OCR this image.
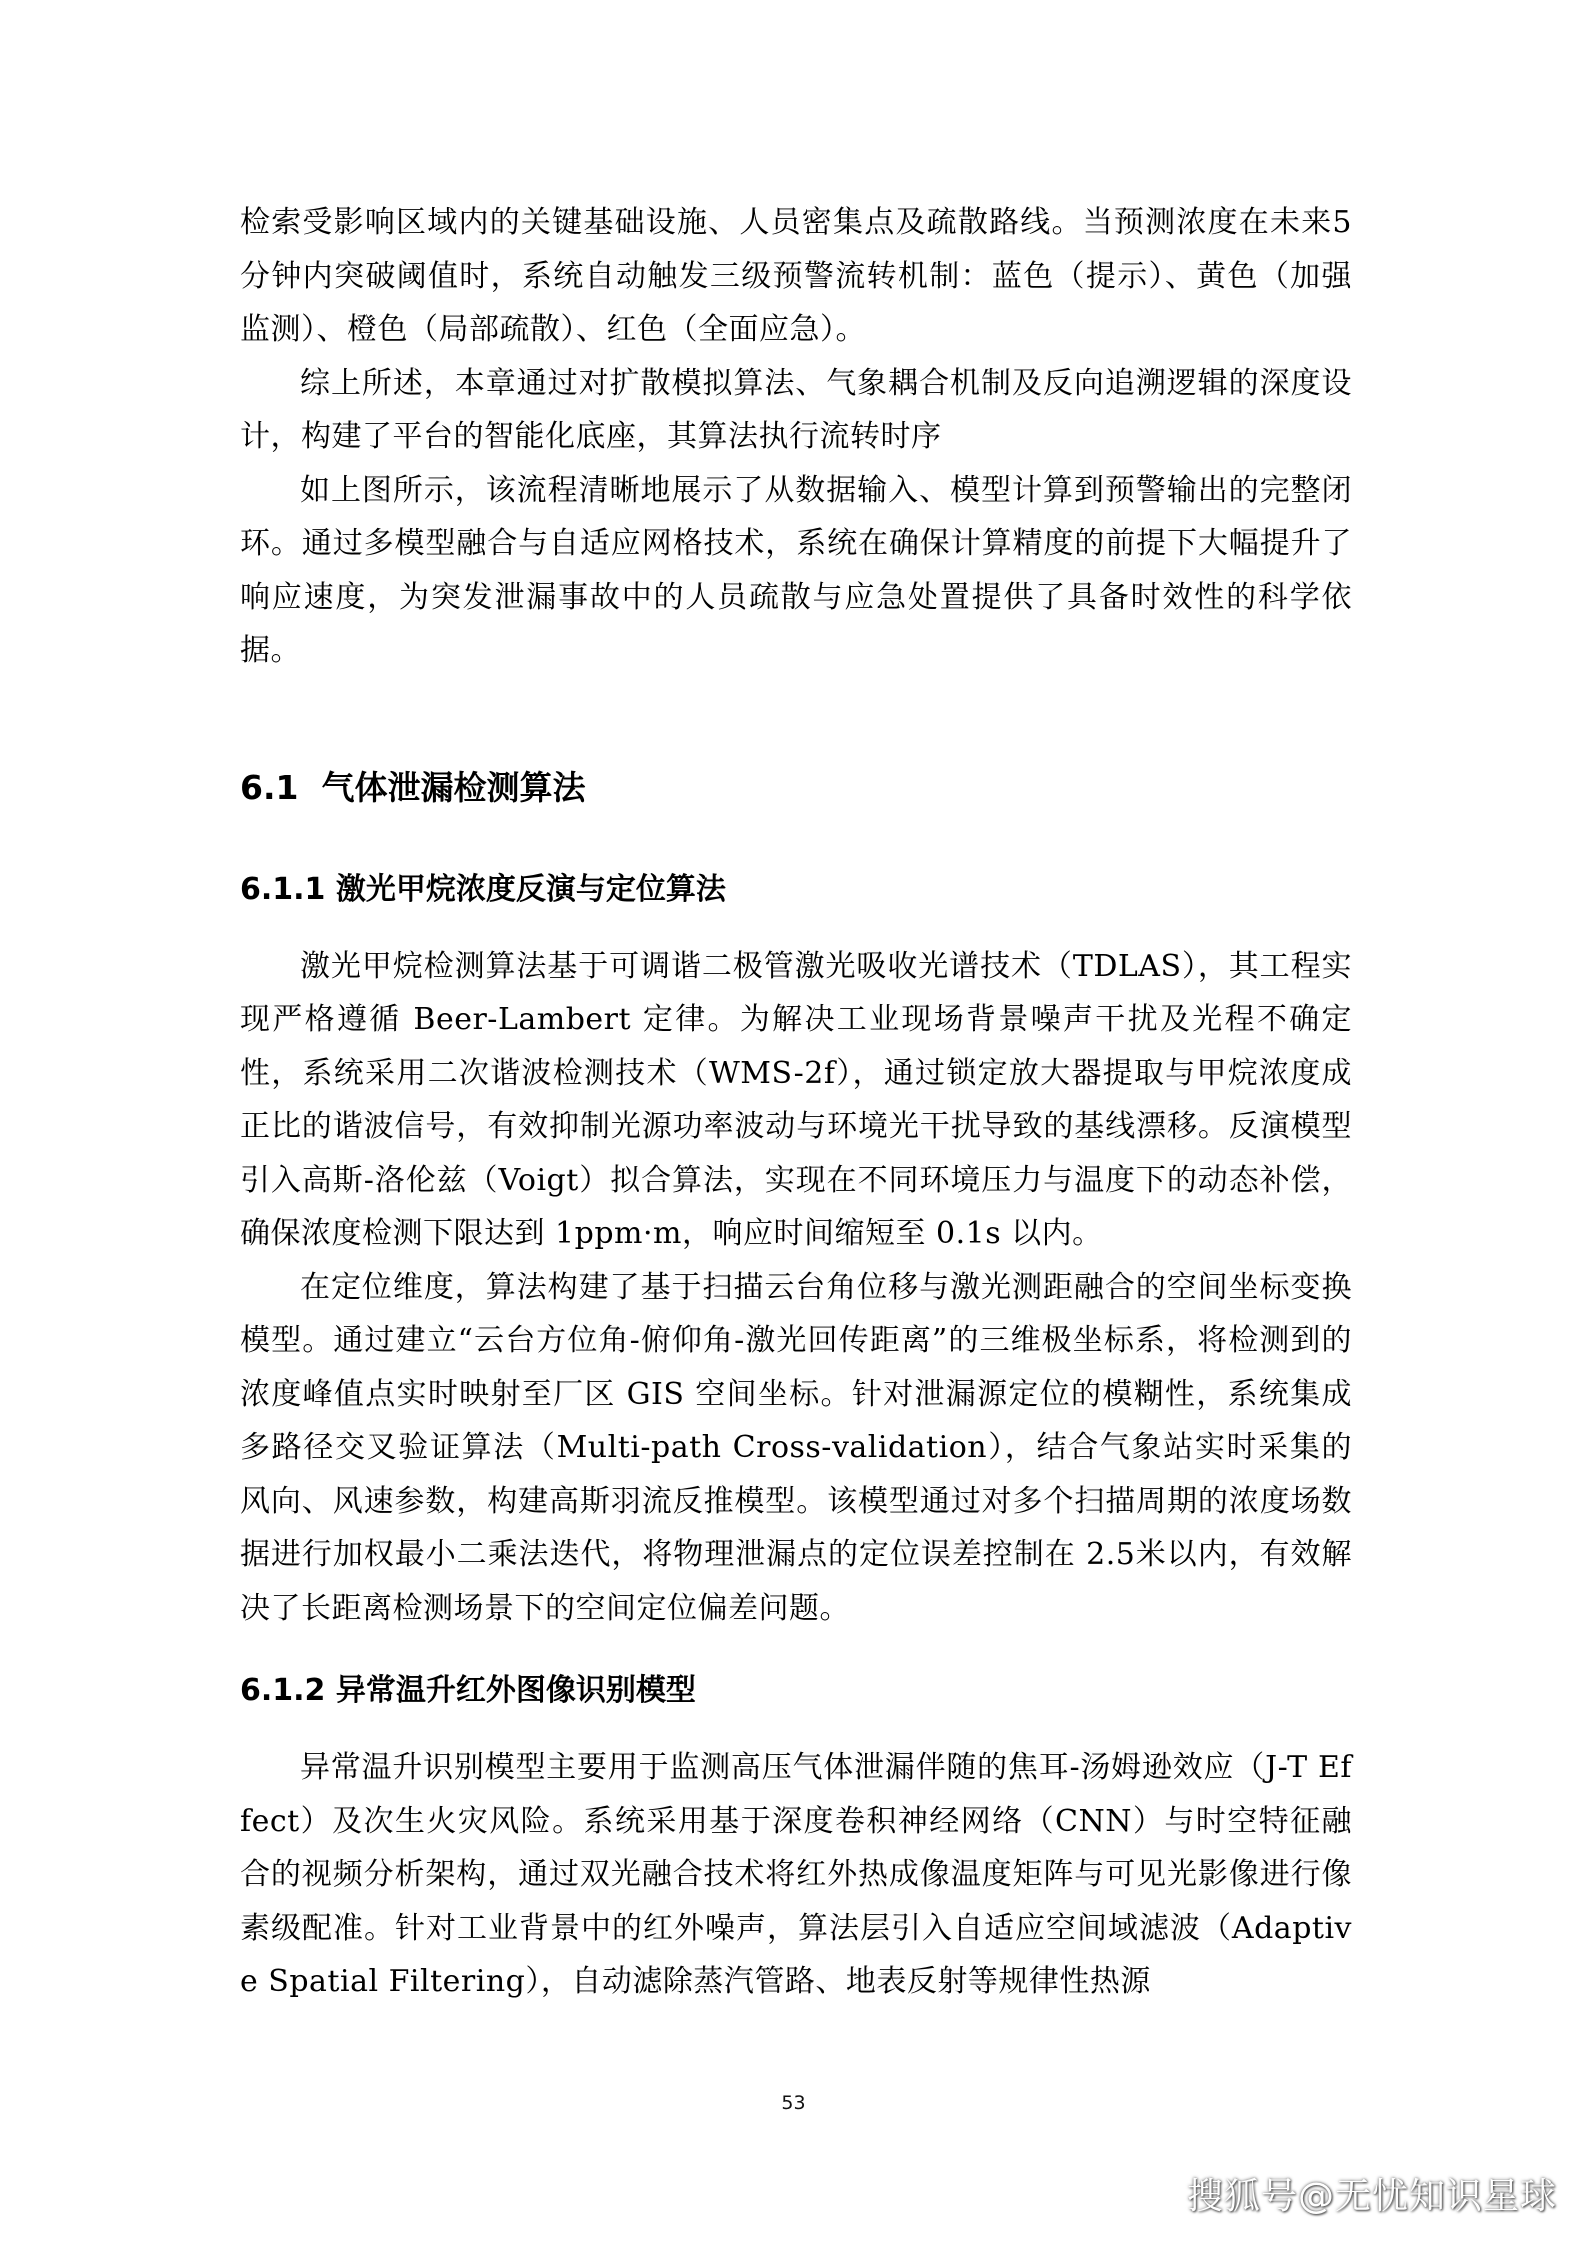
检索受影响区域内的关键基础设施、人员密集点及疏散路线。当预测浓度在未来5分钟内突破阈值时，系统自动触发三级预警流转机制：蓝色（提示）、黄色（加强监测）、橙色（局部疏散）、红色（全面应急）。

综上所述，本章通过对扩散模拟算法、气象耦合机制及反向追溯逻辑的深度设计，构建了平台的智能化底座，其算法执行流转时序

如上图所示，该流程清晰地展示了从数据输入、模型计算到预警输出的完整闭环。通过多模型融合与自适应网格技术，系统在确保计算精度的前提下大幅提升了响应速度，为突发泄漏事故中的人员疏散与应急处置提供了具备时效性的科学依据。

6.1 气体泄漏检测算法
6.1.1 激光甲烷浓度反演与定位算法

激光甲烷检测算法基于可调谐二极管激光吸收光谱技术（TDLAS），其工程实现严格遵循 Beer-Lambert 定律。为解决工业现场背景噪声干扰及光程不确定性，系统采用二次谐波检测技术（WMS-2f），通过锁定放大器提取与甲烷浓度成正比的谐波信号，有效抑制光源功率波动与环境光干扰导致的基线漂移。反演模型引入高斯-洛伦兹（Voigt）拟合算法，实现在不同环境压力与温度下的动态补偿，确保浓度检测下限达到 1ppm·m，响应时间缩短至 0.1s 以内。

在定位维度，算法构建了基于扫描云台角位移与激光测距融合的空间坐标变换模型。通过建立“云台方位角-俯仰角-激光回传距离”的三维极坐标系，将检测到的浓度峰值点实时映射至厂区 GIS 空间坐标。针对泄漏源定位的模糊性，系统集成多路径交叉验证算法（Multi-path Cross-validation），结合气象站实时采集的风向、风速参数，构建高斯羽流反推模型。该模型通过对多个扫描周期的浓度场数据进行加权最小二乘法迭代，将物理泄漏点的定位误差控制在 2.5米以内，有效解决了长距离检测场景下的空间定位偏差问题。

6.1.2 异常温升红外图像识别模型

异常温升识别模型主要用于监测高压气体泄漏伴随的焦耳-汤姆逊效应（J-T Effect）及次生火灾风险。系统采用基于深度卷积神经网络（CNN）与时空特征融合的视频分析架构，通过双光融合技术将红外热成像温度矩阵与可见光影像进行像素级配准。针对工业背景中的红外噪声，算法层引入自适应空间域滤波（Adaptive Spatial Filtering），自动滤除蒸汽管路、地表反射等规律性热源

53
搜狐号@无忧知识星球
